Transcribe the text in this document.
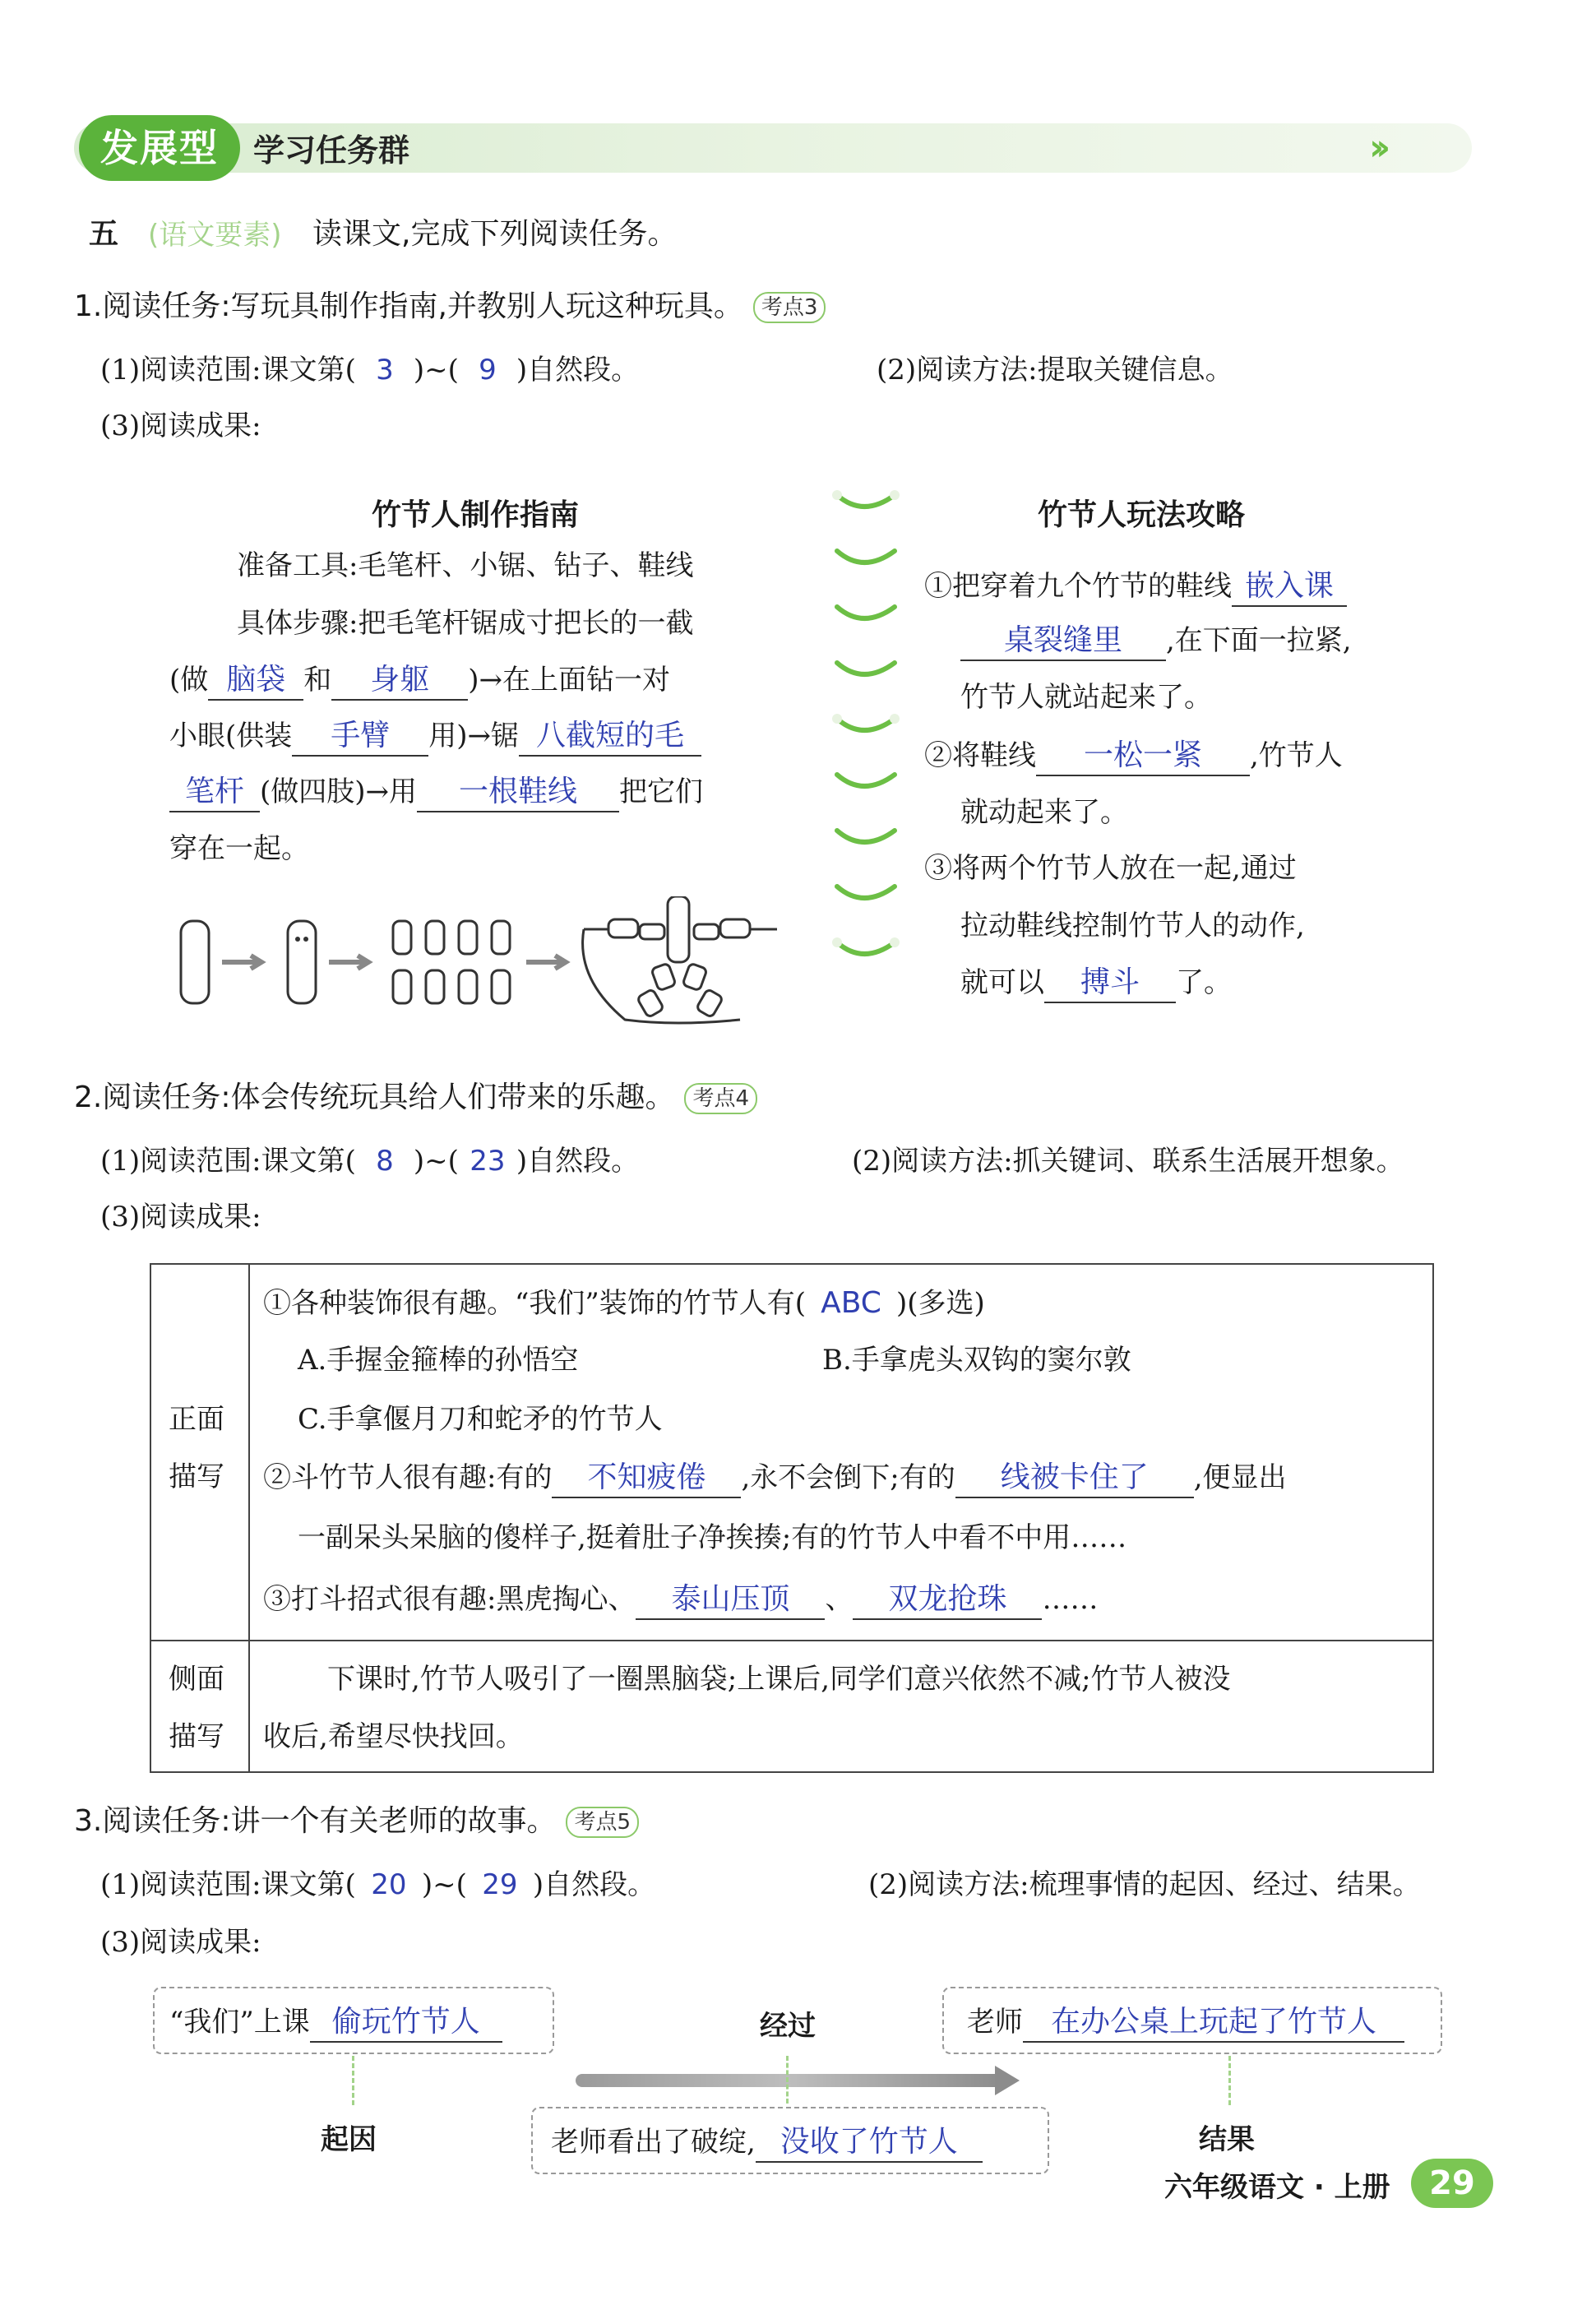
发展型	学习任务群	››
五 (语文要素) 读课文,完成下列阅读任务。
1.阅读任务:写玩具制作指南,并教别人玩这种玩具。 考点3
(1)阅读范围:课文第( 3 )~( 9 )自然段。	(2)阅读方法:提取关键信息。
(3)阅读成果:
竹节人制作指南
准备工具:毛笔杆、小锯、钻子、鞋线
具体步骤:把毛笔杆锯成寸把长的一截
(做 脑袋 和 身躯 )→在上面钻一对
小眼(供装 手臂 用)→锯 八截短的毛
笔杆 (做四肢)→用 一根鞋线 把它们
穿在一起。
竹节人玩法攻略
①把穿着九个竹节的鞋线 嵌入课
桌裂缝里 ,在下面一拉紧,
竹节人就站起来了。
②将鞋线 一松一紧 ,竹节人
就动起来了。
③将两个竹节人放在一起,通过
拉动鞋线控制竹节人的动作,
就可以 搏斗 了。
2.阅读任务:体会传统玩具给人们带来的乐趣。 考点4
(1)阅读范围:课文第( 8 )~( 23 )自然段。	(2)阅读方法:抓关键词、联系生活展开想象。
(3)阅读成果:
正面
描写
①各种装饰很有趣。“我们”装饰的竹节人有( ABC )(多选)
A.手握金箍棒的孙悟空	B.手拿虎头双钩的窦尔敦
C.手拿偃月刀和蛇矛的竹节人
②斗竹节人很有趣:有的 不知疲倦 ,永不会倒下;有的 线被卡住了 ,便显出
一副呆头呆脑的傻样子,挺着肚子净挨揍;有的竹节人中看不中用……
③打斗招式很有趣:黑虎掏心、 泰山压顶 、 双龙抢珠 ……
侧面
描写
下课时,竹节人吸引了一圈黑脑袋;上课后,同学们意兴依然不减;竹节人被没
收后,希望尽快找回。
3.阅读任务:讲一个有关老师的故事。 考点5
(1)阅读范围:课文第( 20 )~( 29 )自然段。	(2)阅读方法:梳理事情的起因、经过、结果。
(3)阅读成果:
“我们”上课 偷玩竹节人	老师 在办公桌上玩起了竹节人
经过
起因	老师看出了破绽, 没收了竹节人	结果
六年级语文 · 上册	29
